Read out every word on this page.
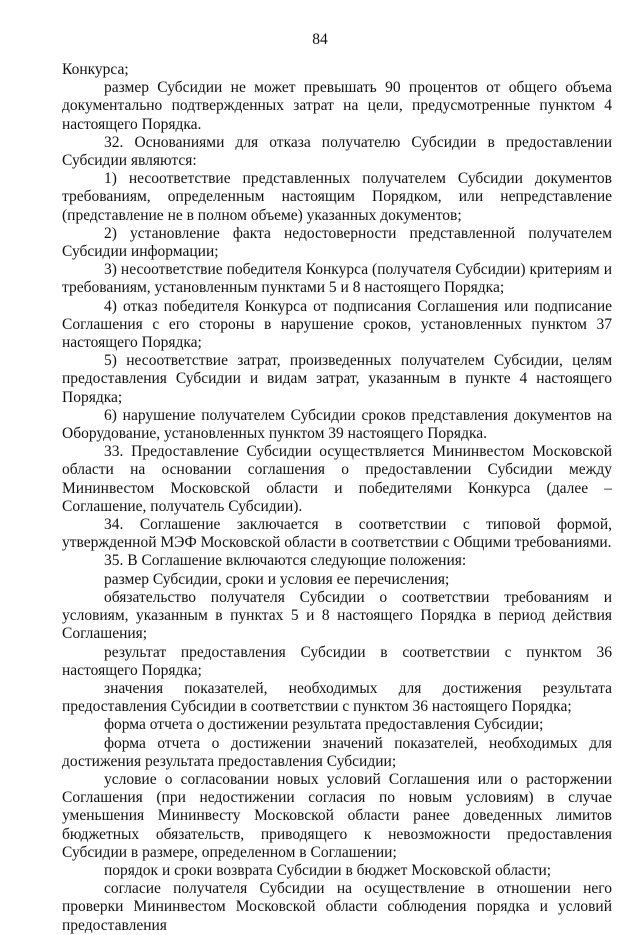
84

Конкурса;

размер Субсидии не может превышать 90 процентов от общего объема документально подтвержденных затрат на цели, предусмотренные пунктом 4 настоящего Порядка.

32. Основаниями для отказа получателю Субсидии в предоставлении Субсидии являются:

1) несоответствие представленных получателем Субсидии документов требованиям, определенным настоящим Порядком, или непредставление (представление не в полном объеме) указанных документов;

2) установление факта недостоверности представленной получателем Субсидии информации;

3) несоответствие победителя Конкурса (получателя Субсидии) критериям и требованиям, установленным пунктами 5 и 8 настоящего Порядка;

4) отказ победителя Конкурса от подписания Соглашения или подписание Соглашения с его стороны в нарушение сроков, установленных пунктом 37 настоящего Порядка;

5) несоответствие затрат, произведенных получателем Субсидии, целям предоставления Субсидии и видам затрат, указанным в пункте 4 настоящего Порядка;

6) нарушение получателем Субсидии сроков представления документов на Оборудование, установленных пунктом 39 настоящего Порядка.

33. Предоставление Субсидии осуществляется Мининвестом Московской области на основании соглашения о предоставлении Субсидии между Мининвестом Московской области и победителями Конкурса (далее – Соглашение, получатель Субсидии).

34. Соглашение заключается в соответствии с типовой формой, утвержденной МЭФ Московской области в соответствии с Общими требованиями.

35. В Соглашение включаются следующие положения:

размер Субсидии, сроки и условия ее перечисления;

обязательство получателя Субсидии о соответствии требованиям и условиям, указанным в пунктах 5 и 8 настоящего Порядка в период действия Соглашения;

результат предоставления Субсидии в соответствии с пунктом 36 настоящего Порядка;

значения показателей, необходимых для достижения результата предоставления Субсидии в соответствии с пунктом 36 настоящего Порядка;

форма отчета о достижении результата предоставления Субсидии;

форма отчета о достижении значений показателей, необходимых для достижения результата предоставления Субсидии;

условие о согласовании новых условий Соглашения или о расторжении Соглашения (при недостижении согласия по новым условиям) в случае уменьшения Мининвесту Московской области ранее доведенных лимитов бюджетных обязательств, приводящего к невозможности предоставления Субсидии в размере, определенном в Соглашении;

порядок и сроки возврата Субсидии в бюджет Московской области;

согласие получателя Субсидии на осуществление в отношении него проверки Мининвестом Московской области соблюдения порядка и условий предоставления
